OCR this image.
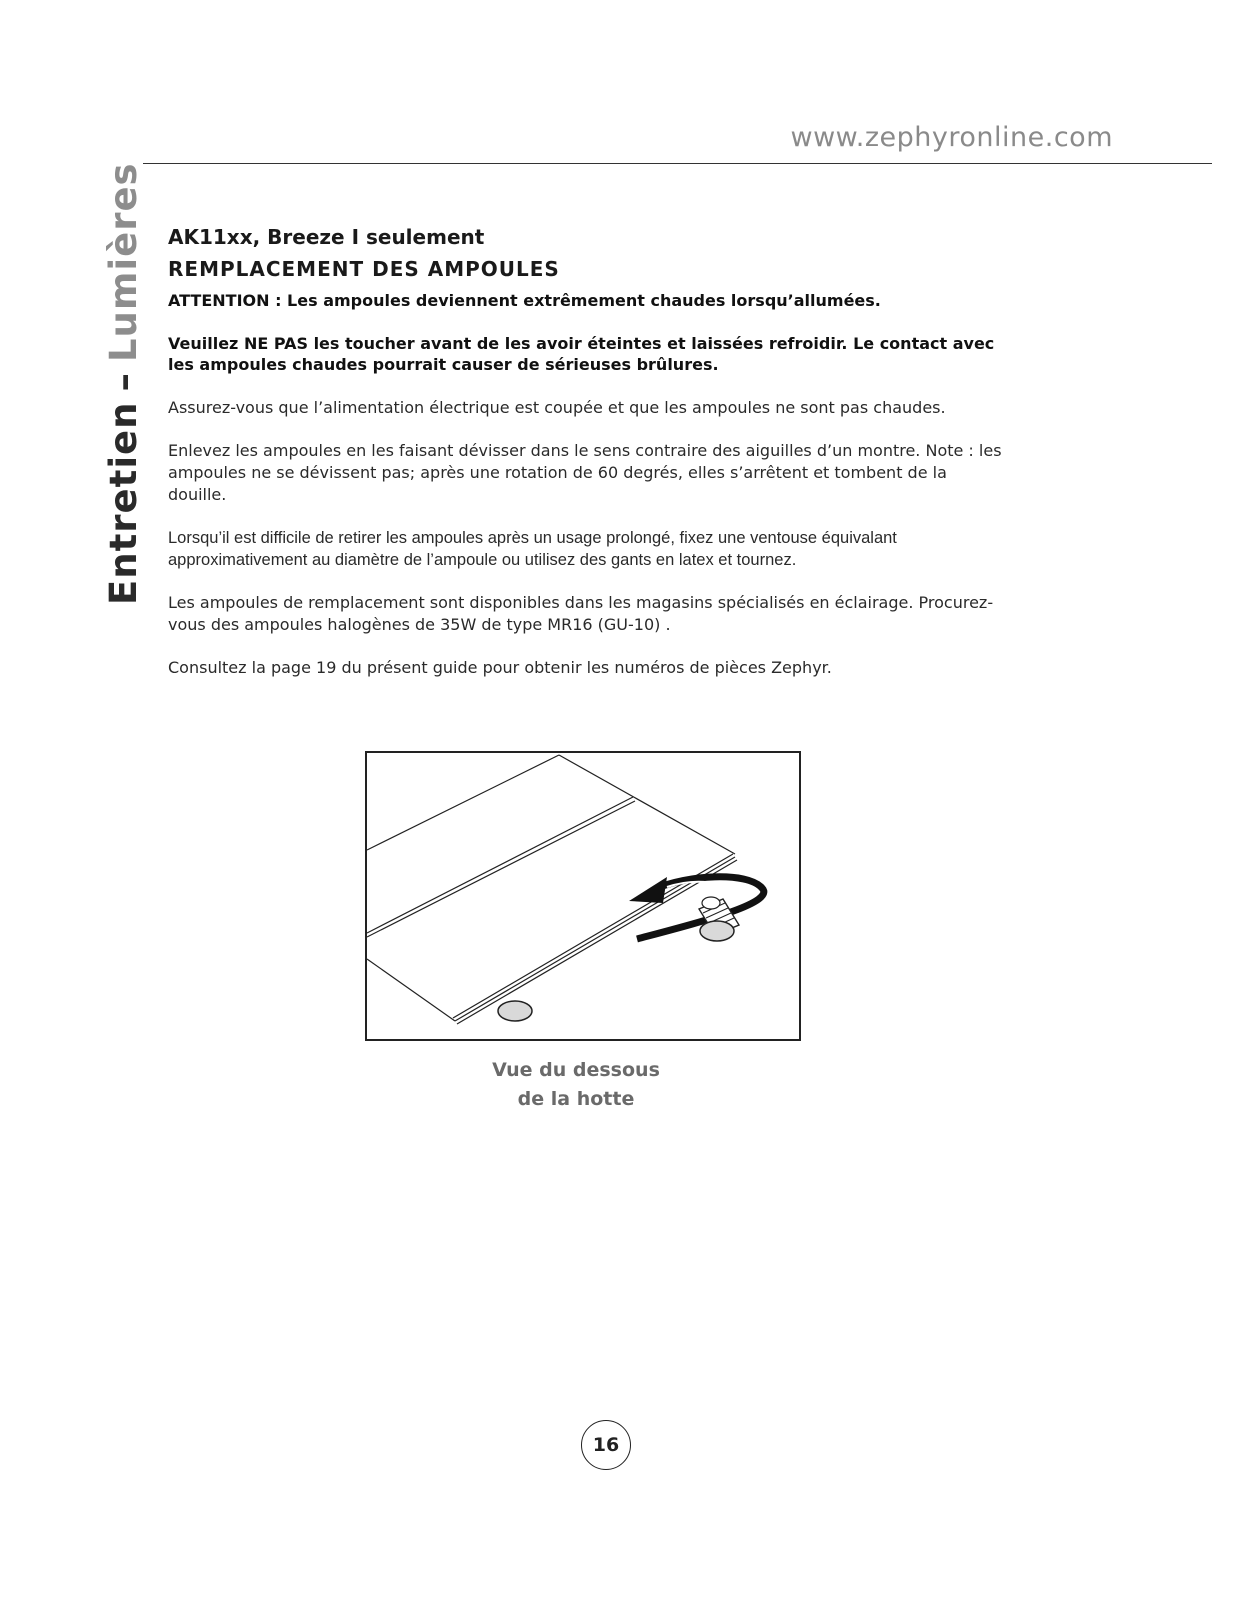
www.zephyronline.com
Entretien–Lumières AK11xx, Breeze I seulement

REMPLACEMENT DES AMPOULES

ATTENTION : Les ampoules deviennent extrêmement chaudes lorsqu’allumées.

Veuillez NE PAS les toucher avant de les avoir éteintes et laissées refroidir. Le contact avec les ampoules chaudes pourrait causer de sérieuses brûlures.

Assurez-vous que l’alimentation électrique est coupée et que les ampoules ne sont pas chaudes.

Enlevez les ampoules en les faisant dévisser dans le sens contraire des aiguilles d’un montre. Note : les ampoules ne se dévissent pas; après une rotation de 60 degrés, elles s’arrêtent et tombent de la douille.

Lorsqu’il est difficile de retirer les ampoules après un usage prolongé, fixez une ventouse équivalant approximativement au diamètre de l’ampoule ou utilisez des gants en latex et tournez.

Les ampoules de remplacement sont disponibles dans les magasins spécialisés en éclairage. Procurez-vous des ampoules halogènes de 35W de type MR16 (GU-10) .

Consultez la page 19 du présent guide pour obtenir les numéros de pièces Zephyr.

Vue du dessous
de la hotte
16
